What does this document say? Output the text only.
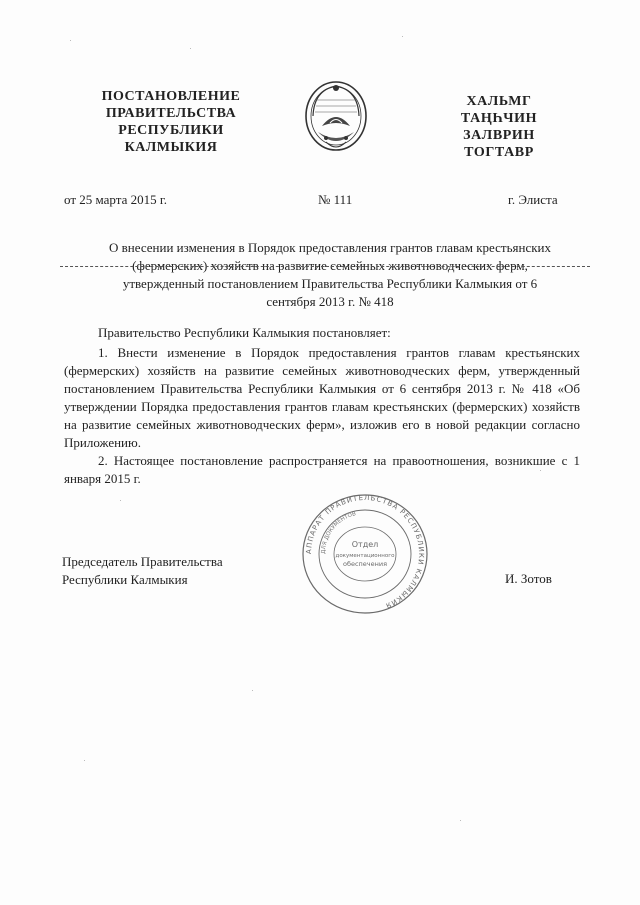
ПОСТАНОВЛЕНИЕ
ПРАВИТЕЛЬСТВА
РЕСПУБЛИКИ
КАЛМЫКИЯ
ХАЛЬМГ
ТАҢҺЧИН
ЗАЛВРИН
ТОГТАВР
от 25 марта 2015 г.	№ 111	г. Элиста
О внесении изменения в Порядок предоставления грантов главам крестьянских
(фермерских) хозяйств на развитие семейных животноводческих ферм,
утвержденный постановлением Правительства Республики Калмыкия от 6
сентября 2013 г. № 418

Правительство Республики Калмыкия постановляет:

1. Внести изменение в Порядок предоставления грантов главам крестьянских (фермерских) хозяйств на развитие семейных животноводческих ферм, утвержденный постановлением Правительства Республики Калмыкия от 6 сентября 2013 г. № 418 «Об утверждении Порядка предоставления грантов главам крестьянских (фермерских) хозяйств на развитие семейных животноводческих ферм», изложив его в новой редакции согласно Приложению.

2. Настоящее постановление распространяется на правоотношения, возникшие с 1 января 2015 г.

АППАРАТ ПРАВИТЕЛЬСТВА РЕСПУБЛИКИ КАЛМЫКИЯ
ДЛЯ ДОКУМЕНТОВ
Отдел
документационного
обеспечения
Председатель Правительства
Республики Калмыкия	И. Зотов
